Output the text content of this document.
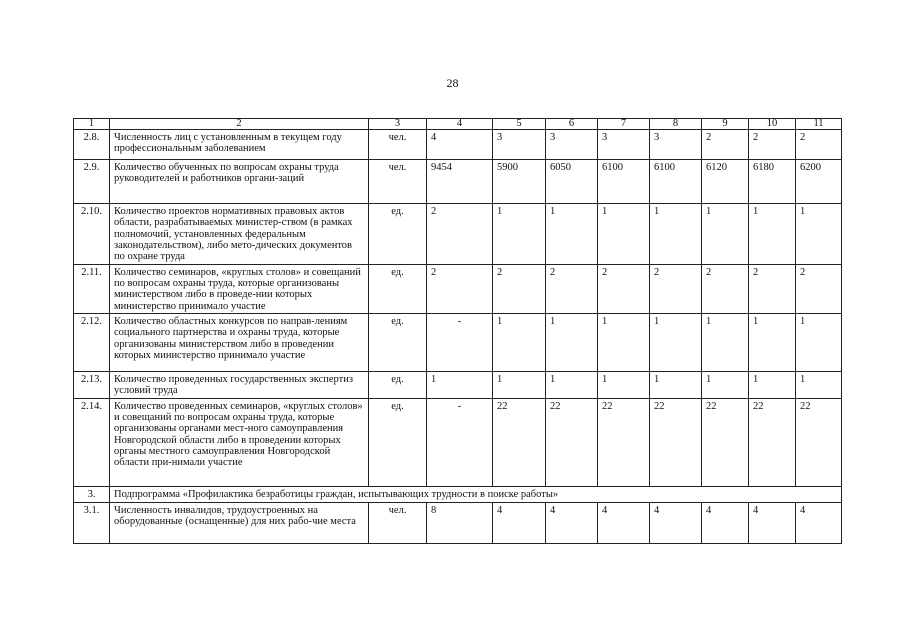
28
1	2	3	4	5	6	7	8	9	10	11
2.8.	Численность лиц с установленным в текущем году профессиональным заболеванием	чел.	4	3	3	3	3	2	2	2
2.9.	Количество обученных по вопросам охраны труда руководителей и работников органи-заций	чел.	9454	5900	6050	6100	6100	6120	6180	6200
2.10.	Количество проектов нормативных правовых актов области, разрабатываемых министер-ством (в рамках полномочий, установленных федеральным законодательством), либо мето-дических документов по охране труда	ед.	2	1	1	1	1	1	1	1
2.11.	Количество семинаров, «круглых столов» и совещаний по вопросам охраны труда, которые организованы министерством либо в проведе-нии которых министерство принимало участие	ед.	2	2	2	2	2	2	2	2
2.12.	Количество областных конкурсов по направ-лениям социального партнерства и охраны труда, которые организованы министерством либо в проведении которых министерство принимало участие	ед.	-	1	1	1	1	1	1	1
2.13.	Количество проведенных государственных экспертиз условий труда	ед.	1	1	1	1	1	1	1	1
2.14.	Количество проведенных семинаров, «круглых столов» и совещаний по вопросам охраны труда, которые организованы органами мест-ного самоуправления Новгородской области либо в проведении которых органы местного самоуправления Новгородской области при-нимали участие	ед.	-	22	22	22	22	22	22	22
3.	Подпрограмма «Профилактика безработицы граждан, испытывающих трудности в поиске работы»									
3.1.	Численность инвалидов, трудоустроенных на оборудованные (оснащенные) для них рабо-чие места	чел.	8	4	4	4	4	4	4	4
